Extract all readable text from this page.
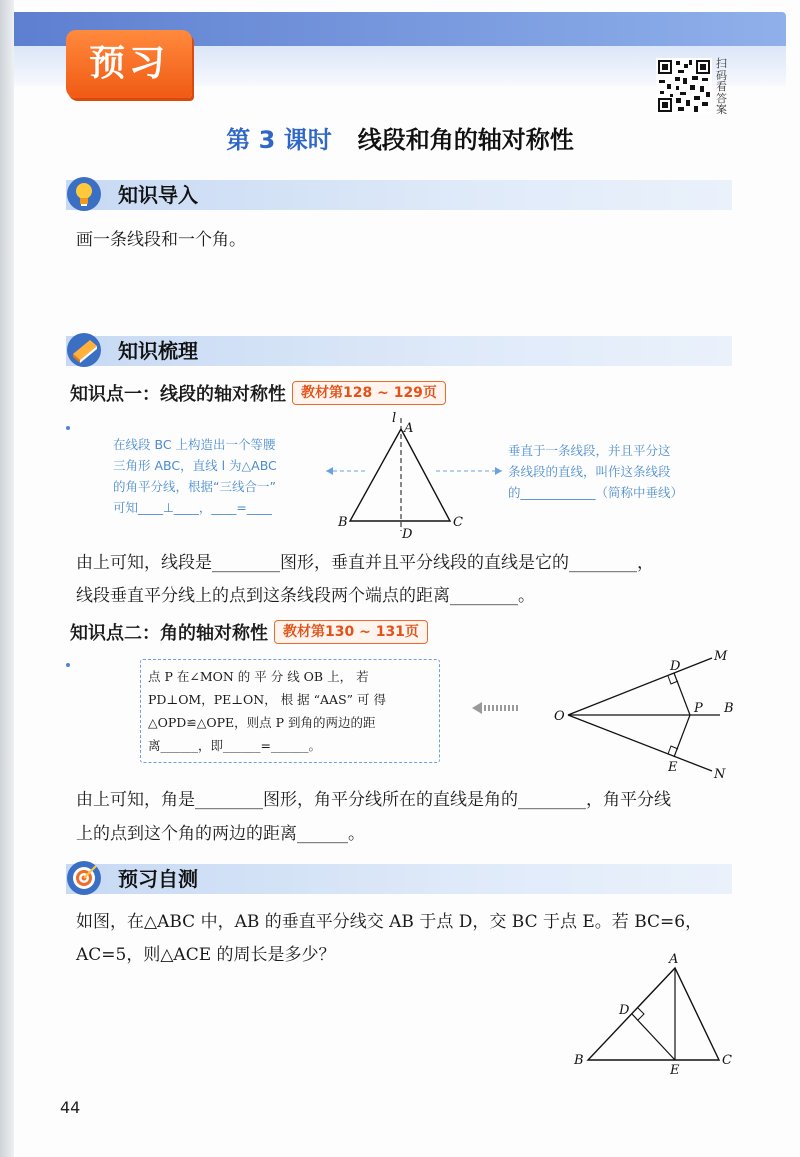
预习	扫码看答案
第 3 课时 线段和角的轴对称性
知识导入
画一条线段和一个角。
知识梳理
知识点一：线段的轴对称性 教材第128 ~ 129页
在线段 BC 上构造出一个等腰
三角形 ABC，直线 l 为△ABC
的角平分线，根据“三线合一”
可知____⊥____，____=____
垂直于一条线段，并且平分这
条线段的直线，叫作这条线段
的____________（简称中垂线）
l
A
B	C
D
由上可知，线段是________图形，垂直并且平分线段的直线是它的________，
线段垂直平分线上的点到这条线段两个端点的距离________。
知识点二：角的轴对称性 教材第130 ~ 131页
点 P 在∠MON 的 平 分 线 OB 上， 若
PD⊥OM，PE⊥ON， 根 据 “AAS” 可 得
△OPD≌△OPE，则点 P 到角的两边的距
离______，即______=______。
O
M
N
D
E
P B
由上可知，角是________图形，角平分线所在的直线是角的________，角平分线
上的点到这个角的两边的距离______。
预习自测
如图，在△ABC 中，AB 的垂直平分线交 AB 于点 D，交 BC 于点 E。若 BC=6，
AC=5，则△ACE 的周长是多少？	A
B	C
D
E
44
